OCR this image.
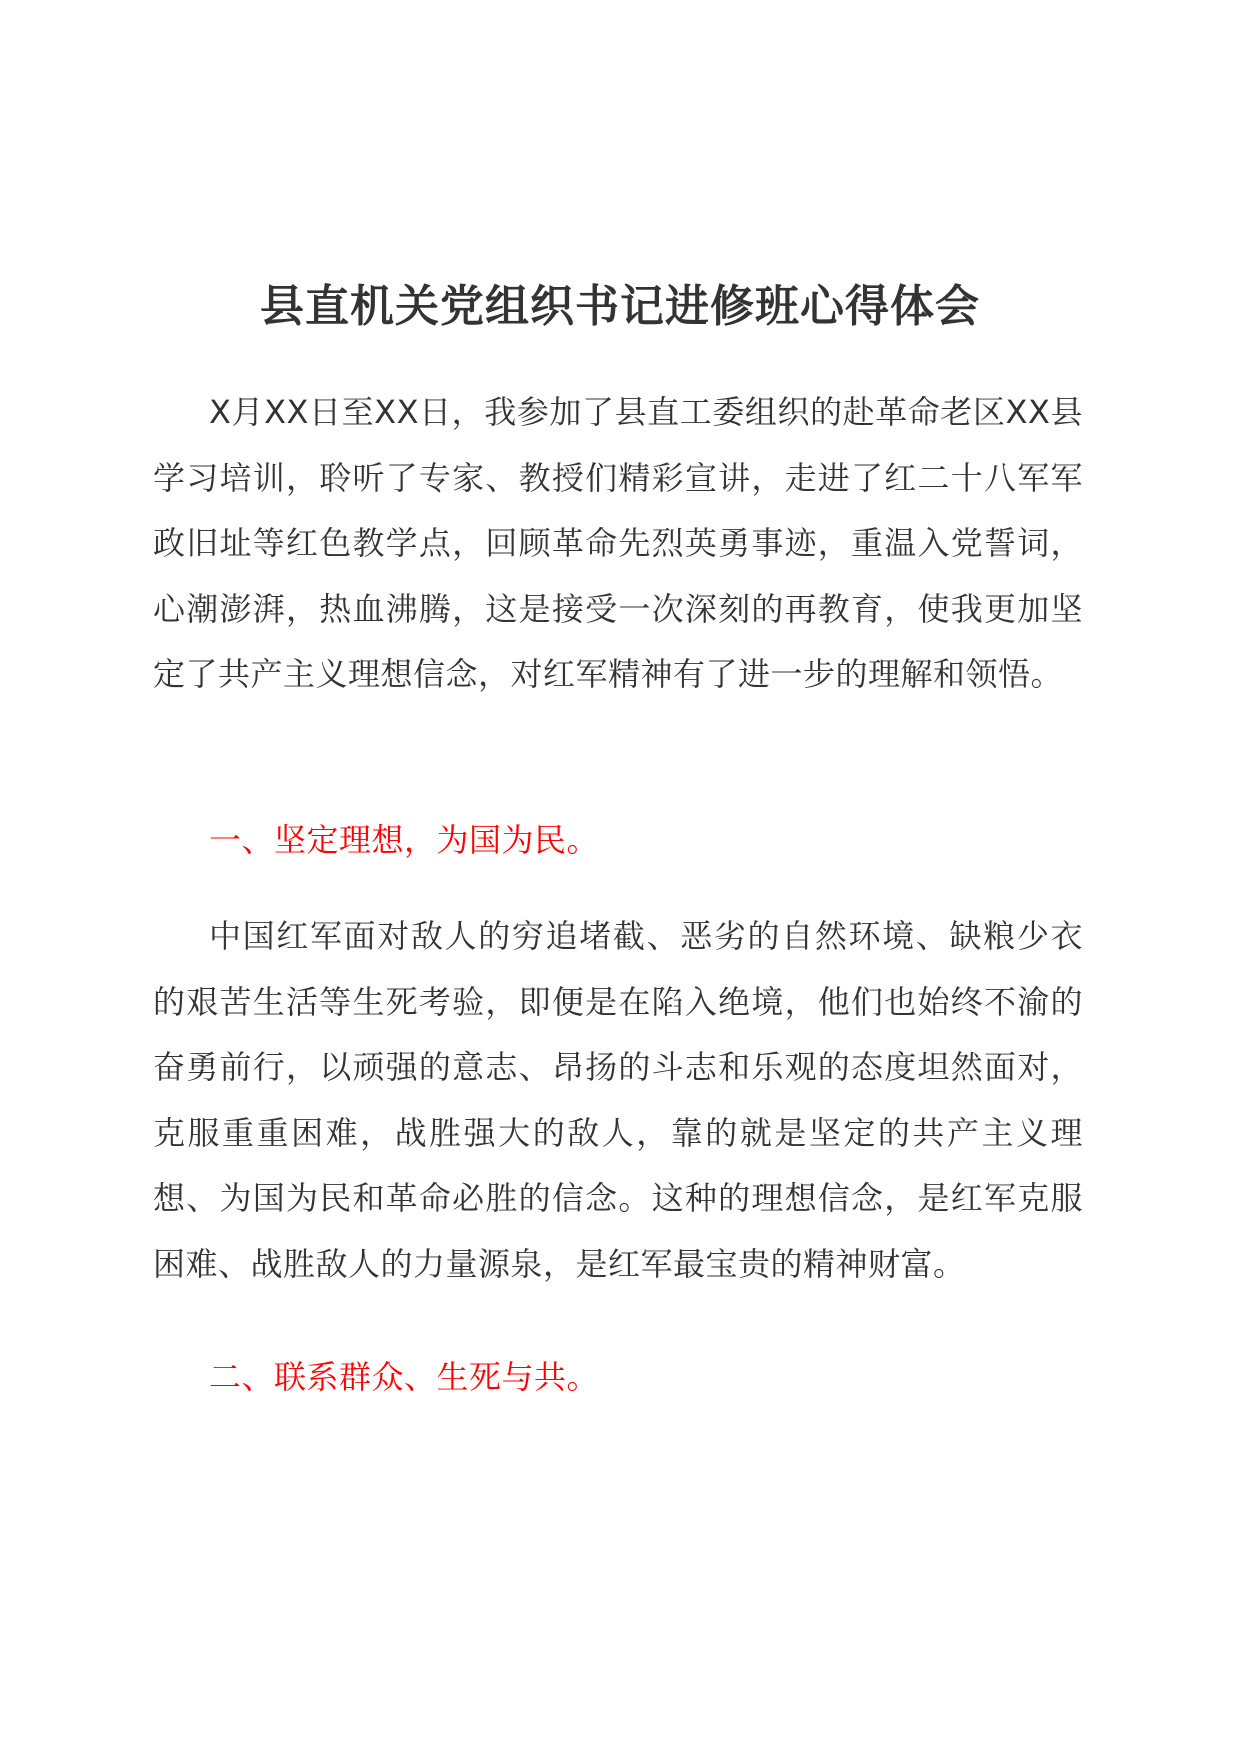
县直机关党组织书记进修班心得体会

X月XX日至XX日，我参加了县直工委组织的赴革命老区XX县学习培训，聆听了专家、教授们精彩宣讲，走进了红二十八军军政旧址等红色教学点，回顾革命先烈英勇事迹，重温入党誓词，心潮澎湃，热血沸腾，这是接受一次深刻的再教育，使我更加坚定了共产主义理想信念，对红军精神有了进一步的理解和领悟。

一、坚定理想，为国为民。

中国红军面对敌人的穷追堵截、恶劣的自然环境、缺粮少衣的艰苦生活等生死考验，即便是在陷入绝境，他们也始终不渝的奋勇前行，以顽强的意志、昂扬的斗志和乐观的态度坦然面对，克服重重困难，战胜强大的敌人，靠的就是坚定的共产主义理想、为国为民和革命必胜的信念。这种的理想信念，是红军克服困难、战胜敌人的力量源泉，是红军最宝贵的精神财富。

二、联系群众、生死与共。
